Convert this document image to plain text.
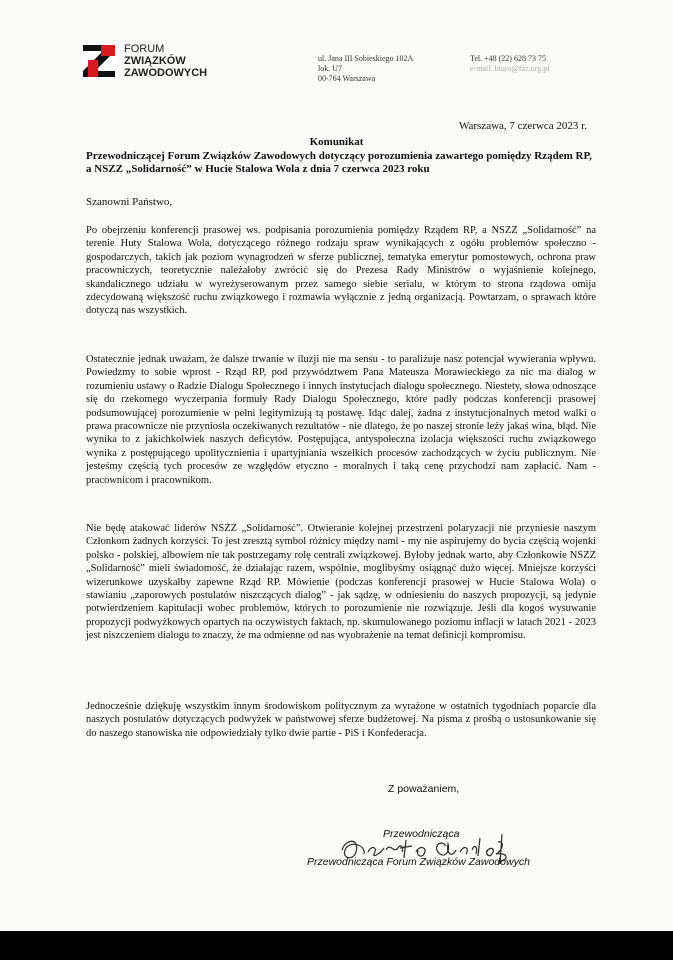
FORUM
ZWIĄZKÓW
ZAWODOWYCH
ul. Jana III Sobieskiego 102A
lok. U7
00-764 Warszawa
Tel. +48 (22) 628 73 75
e-mail: biuro@fzz.org.pl
Warszawa, 7 czerwca 2023 r.
Komunikat
Przewodniczącej Forum Związków Zawodowych dotyczący porozumienia zawartego pomiędzy Rządem RP, a NSZZ „Solidarność” w Hucie Stalowa Wola z dnia 7 czerwca 2023 roku
Szanowni Państwo,
Po obejrzeniu konferencji prasowej ws. podpisania porozumienia pomiędzy Rządem RP, a NSZZ „Solidarność” na terenie Huty Stalowa Wola, dotyczącego różnego rodzaju spraw wynikających z ogółu problemów społeczno - gospodarczych, takich jak poziom wynagrodzeń w sferze publicznej, tematyka emerytur pomostowych, ochrona praw pracowniczych, teoretycznie należałoby zwrócić się do Prezesa Rady Ministrów o wyjaśnienie kolejnego, skandalicznego udziału w wyreżyserowanym przez samego siebie serialu, w którym to strona rządowa omija zdecydowaną większość ruchu związkowego i rozmawia wyłącznie z jedną organizacją. Powtarzam, o sprawach które dotyczą nas wszystkich.
Ostatecznie jednak uważam, że dalsze trwanie w iluzji nie ma sensu - to paraliżuje nasz potencjał wywierania wpływu. Powiedzmy to sobie wprost - Rząd RP, pod przywództwem Pana Mateusza Morawieckiego za nic ma dialog w rozumieniu ustawy o Radzie Dialogu Społecznego i innych instytucjach dialogu społecznego. Niestety, słowa odnoszące się do rzekomego wyczerpania formuły Rady Dialogu Społecznego, które padły podczas konferencji prasowej podsumowującej porozumienie w pełni legitymizują tą postawę. Idąc dalej, żadna z instytucjonalnych metod walki o prawa pracownicze nie przyniosła oczekiwanych rezultatów - nie dlatego, że po naszej stronie leży jakaś wina, błąd. Nie wynika to z jakichkolwiek naszych deficytów. Postępująca, antyspołeczna izolacja większości ruchu związkowego wynika z postępującego upolitycznienia i upartyjniania wszelkich procesów zachodzących w życiu publicznym. Nie jesteśmy częścią tych procesów ze względów etyczno - moralnych i taką cenę przychodzi nam zapłacić. Nam - pracownicom i pracownikom.
Nie będę atakować liderów NSZZ „Solidarność”. Otwieranie kolejnej przestrzeni polaryzacji nie przyniesie naszym Członkom żadnych korzyści. To jest zresztą symbol różnicy między nami - my nie aspirujemy do bycia częścią wojenki polsko - polskiej, albowiem nie tak postrzegamy rolę centrali związkowej. Byłoby jednak warto, aby Członkowie NSZZ „Solidarność” mieli świadomość, że działając razem, wspólnie, moglibyśmy osiągnąć dużo więcej. Mniejsze korzyści wizerunkowe uzyskałby zapewne Rząd RP. Mówienie (podczas konferencji prasowej w Hucie Stalowa Wola) o stawianiu „zaporowych postulatów niszczących dialog” - jak sądzę, w odniesieniu do naszych propozycji, są jedynie potwierdzeniem kapitulacji wobec problemów, których to porozumienie nie rozwiązuje. Jeśli dla kogoś wysuwanie propozycji podwyżkowych opartych na oczywistych faktach, np. skumulowanego poziomu inflacji w latach 2021 - 2023 jest niszczeniem dialogu to znaczy, że ma odmienne od nas wyobrażenie na temat definicji kompromisu.
Jednocześnie dziękuję wszystkim innym środowiskom politycznym za wyrażone w ostatnich tygodniach poparcie dla naszych postulatów dotyczących podwyżek w państwowej sferze budżetowej. Na pisma z prośbą o ustosunkowanie się do naszego stanowiska nie odpowiedziały tylko dwie partie - PiS i Konfederacja.
Z poważaniem,
Przewodnicząca
Przewodnicząca Forum Związków Zawodowych
